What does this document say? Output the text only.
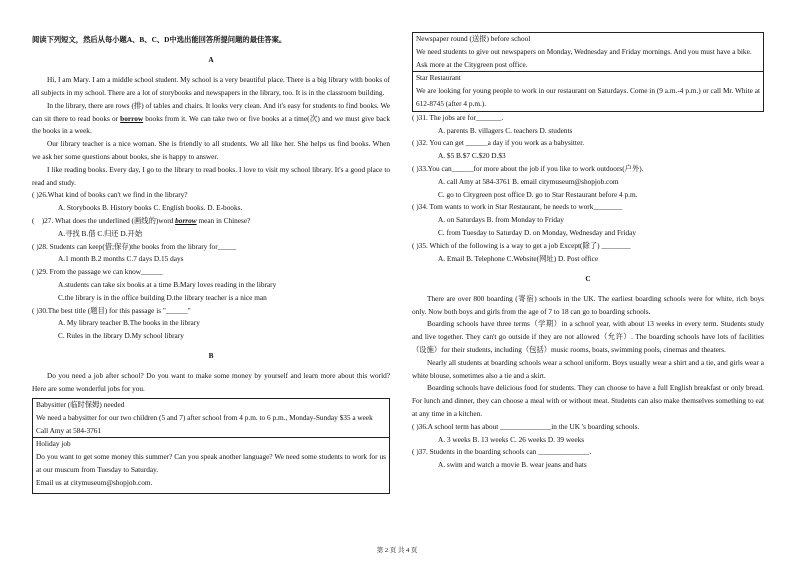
阅读下列短文，然后从每小题A、B、C、D中选出能回答所提问题的最佳答案。

A

Hi, I am Mary. I am a middle school student. My school is a very beautiful place. There is a big library with books of all subjects in my school. There are a lot of storybooks and newspapers in the library, too. It is in the classroom building.

In the library, there are rows (排) of tables and chairs. It looks very clean. And it's easy for students to find books. We can sit there to read books or borrow books from it. We can take two or five books at a time(次) and we must give back the books in a week.

Our library teacher is a nice woman. She is friendly to all students. We all like her. She helps us find books. When we ask her some questions about books, she is happy to answer.

I like reading books. Every day, I go to the library to read books. I love to visit my school library. It's a good place to read and study.

( )26.What kind of books can't we find in the library?

A. Storybooks B. History books C. English books. D. E-books.

(    )27. What does the underlined (画线的)word borrow mean in Chinese?

A.寻找 B.借 C.归还 D.开始

( )28. Students can keep(借;保存)the books from the library for_____

A.1 month B.2 months C.7 days D.15 days

( )29. From the passage we can know______

A.students can take six books at a time B.Mary loves reading in the library

C.the library is in the office building D.the library teacher is a nice man

( )30.The best title (题目) for this passage is "______"

A. My library teacher B.The books in the library

C. Rules in the library D.My school library

B

Do you need a job after school? Do you want to make some money by yourself and learn more about this world? Here are some wonderful jobs for you.

Babysitter (临时保姆) needed

We need a babysitter for our two children (5 and 7) after school from 4 p.m. to 6 p.m., Monday-Sunday $35 a week

Call Amy at 584-3761

Holiday job

Do you want to get some money this summer? Can you speak another language? We need some students to work for us at our muscum from Tuesday to Saturday.

Email us at citymuseum@shopjob.com.

Newspaper round (送报) before school

We need students to give out newspapers on Monday, Wednesday and Friday mornings. And you must have a bike.

Ask more at the Citygreen post office.

Star Restaurant

We are looking for young people to work in our restaurant on Saturdays. Come in (9 a.m.-4 p.m.) or call Mr. White at 612-8745 (after 4 p.m.).

( )31. The jobs are for_______.

A. parents B. villagers C. teachers D. students

( )32. You can get ______a day if you work as a babysitter.

A. $5 B.$7 C.$20 D.$3

( )33.You can______for more about the job if you like to work outdoors(户外).

A. call Amy at 584-3761 B. email citymuseum@shopjob.com

C. go to Citygreen post office D. go to Star Restaurant before 4 p.m.

( )34. Tom wants to work in Star Restaurant, he needs to work________

A. on Saturdays B. from Monday to Friday

C. from Tuesday to Saturday D. on Monday, Wednesday and Friday

( )35. Which of the following is a way to get a job Except(除了) ________

A. Email B. Telephone C.Website(网址) D. Post office

C

There are over 800 boarding (寄宿) schools in the UK. The earliest boarding schools were for white, rich boys only. Now both boys and girls from the age of 7 to 18 can go to boarding schools.

Boarding schools have three terms（学期）in a school year, with about 13 weeks in every term. Students study and live together. They can't go outside if they are not allowed（允许）. The boarding schools have lots of facilities（设施）for their students, including（包括）music rooms, boats, swimming pools, cinemas and theaters.

Nearly all students at boarding schools wear a school uniform. Boys usually wear a shirt and a tie, and girls wear a white blouse, sometimes also a tie and a skirt.

Boarding schools have delicious food for students. They can choose to have a full English breakfast or only bread. For lunch and dinner, they can choose a meal with or without meat. Students can also make themselves something to eat at any time in a kitchen.

( )36.A school term has about ______________in the UK 's boarding schools.

A. 3 weeks B. 13 weeks C. 26 weeks D. 39 weeks

( )37. Students in the boarding schools can ______________.

A. swim and watch a movie B. wear jeans and hats

第 2 页 共 4 页
